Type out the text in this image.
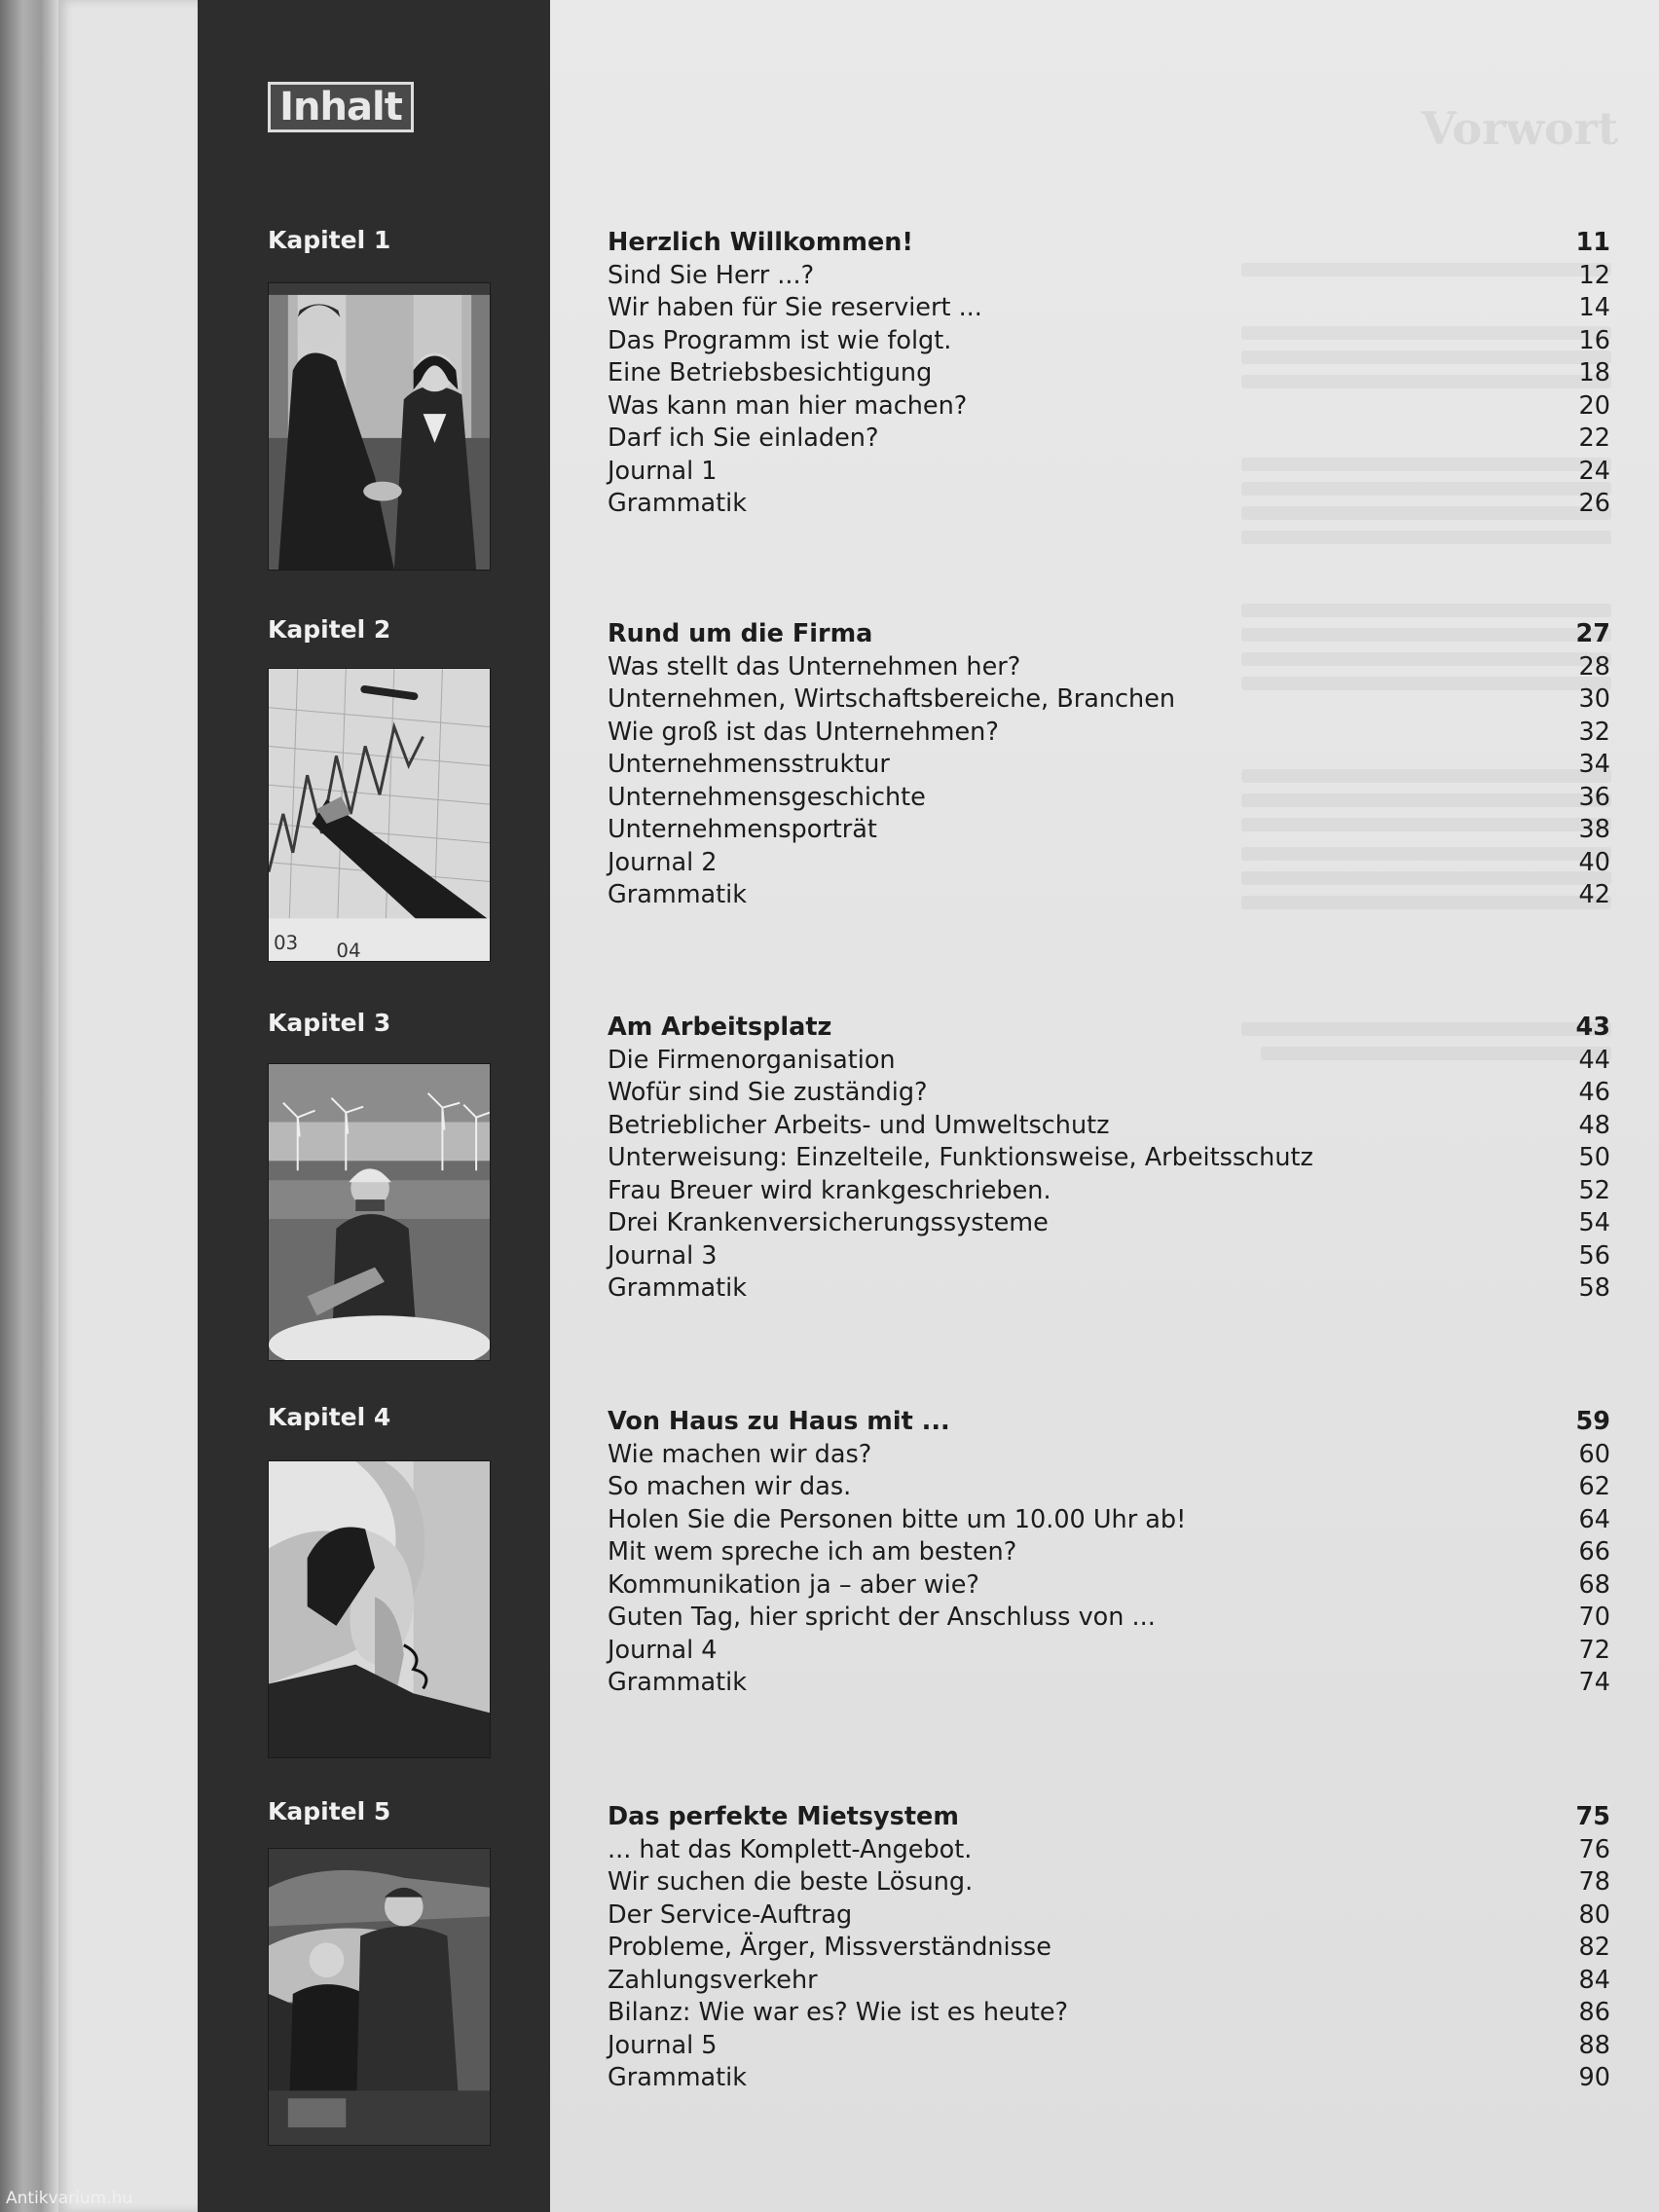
Vorwort
Inhalt
Kapitel 1	Herzlich Willkommen!	11
Sind Sie Herr ...?	12
Wir haben für Sie reserviert ...	14
Das Programm ist wie folgt.	16
Eine Betriebsbesichtigung	18
Was kann man hier machen?	20
Darf ich Sie einladen?	22
Journal 1	24
Grammatik	26
Kapitel 2
03 04
Rund um die Firma	27
Was stellt das Unternehmen her?	28
Unternehmen, Wirtschaftsbereiche, Branchen	30
Wie groß ist das Unternehmen?	32
Unternehmensstruktur	34
Unternehmensgeschichte	36
Unternehmensporträt	38
Journal 2	40
Grammatik	42
Kapitel 3	Am Arbeitsplatz	43
Die Firmenorganisation	44
Wofür sind Sie zuständig?	46
Betrieblicher Arbeits- und Umweltschutz	48
Unterweisung: Einzelteile, Funktionsweise, Arbeitsschutz	50
Frau Breuer wird krankgeschrieben.	52
Drei Krankenversicherungssysteme	54
Journal 3	56
Grammatik	58
Kapitel 4	Von Haus zu Haus mit ...	59
Wie machen wir das?	60
So machen wir das.	62
Holen Sie die Personen bitte um 10.00 Uhr ab!	64
Mit wem spreche ich am besten?	66
Kommunikation ja – aber wie?	68
Guten Tag, hier spricht der Anschluss von ...	70
Journal 4	72
Grammatik	74
Kapitel 5	Das perfekte Mietsystem	75
... hat das Komplett-Angebot.	76
Wir suchen die beste Lösung.	78
Der Service-Auftrag	80
Probleme, Ärger, Missverständnisse	82
Zahlungsverkehr	84
Bilanz: Wie war es? Wie ist es heute?	86
Journal 5	88
Grammatik	90
Antikvarium.hu
